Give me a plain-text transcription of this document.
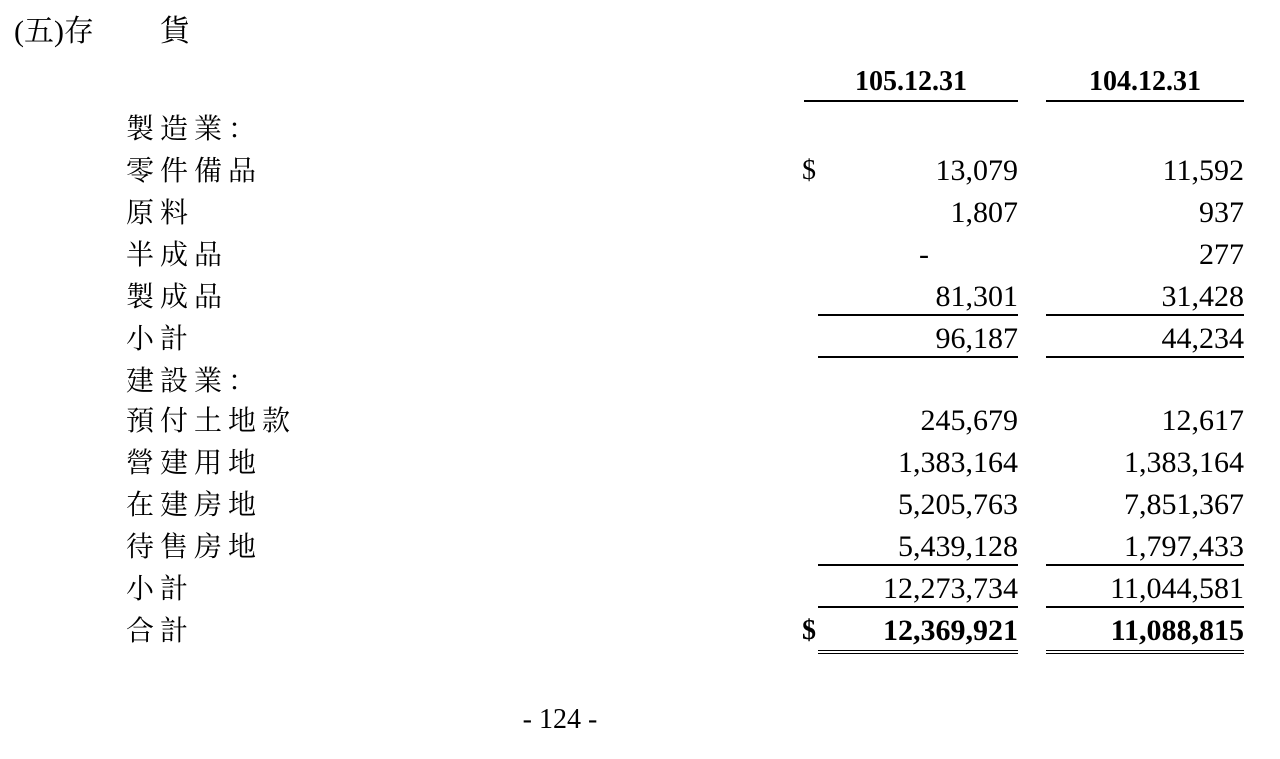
(五)存 貨
105.12.31	104.12.31
製造業：
零件備品	$	13,079	11,592
原料	1,807	937
半成品	-	277
製成品	81,301	31,428
小計	96,187	44,234
建設業：
預付土地款	245,679	12,617
營建用地	1,383,164	1,383,164
在建房地	5,205,763	7,851,367
待售房地	5,439,128	1,797,433
小計	12,273,734	11,044,581
合計	$	12,369,921	11,088,815
- 124 -
